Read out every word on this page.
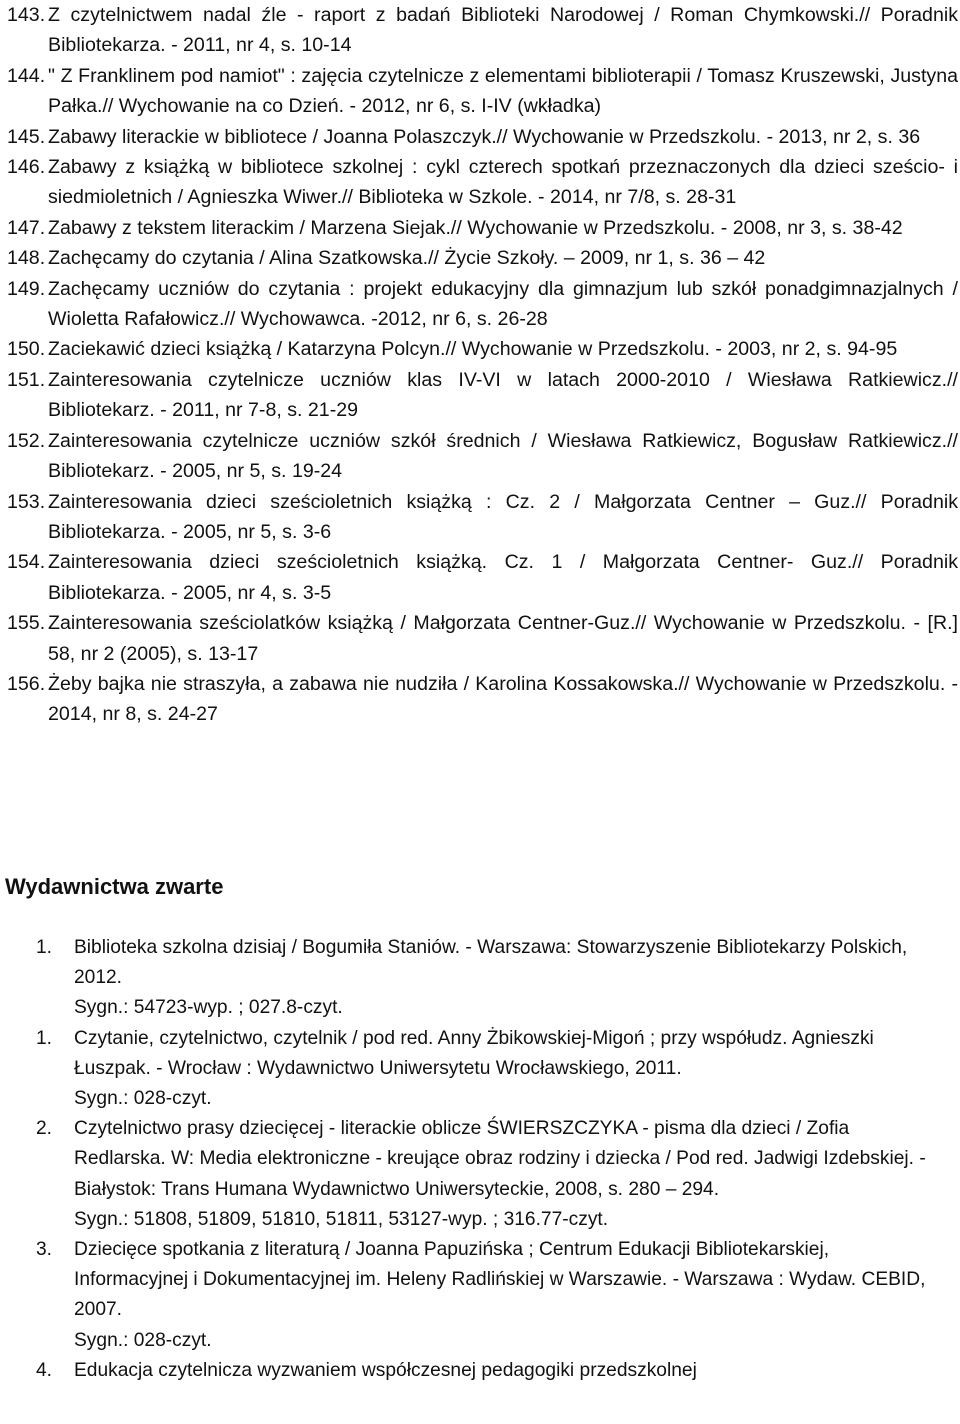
143. Z czytelnictwem nadal źle - raport z badań Biblioteki Narodowej / Roman Chymkowski.// Poradnik Bibliotekarza. - 2011, nr 4, s. 10-14
144. " Z Franklinem pod namiot" : zajęcia czytelnicze z elementami biblioterapii / Tomasz Kruszewski, Justyna Pałka.// Wychowanie na co Dzień. - 2012, nr 6, s. I-IV (wkładka)
145. Zabawy literackie w bibliotece / Joanna Polaszczyk.// Wychowanie w Przedszkolu. - 2013, nr 2, s. 36
146. Zabawy z książką w bibliotece szkolnej : cykl czterech spotkań przeznaczonych dla dzieci sześcio- i siedmioletnich / Agnieszka Wiwer.// Biblioteka w Szkole. - 2014, nr 7/8, s. 28-31
147. Zabawy z tekstem literackim / Marzena Siejak.// Wychowanie w Przedszkolu. - 2008, nr 3, s. 38-42
148. Zachęcamy do czytania / Alina Szatkowska.// Życie Szkoły. – 2009, nr 1, s. 36 – 42
149. Zachęcamy uczniów do czytania : projekt edukacyjny dla gimnazjum lub szkół ponadgimnazjalnych / Wioletta Rafałowicz.// Wychowawca. -2012, nr 6, s. 26-28
150. Zaciekawić dzieci książką / Katarzyna Polcyn.// Wychowanie w Przedszkolu. - 2003, nr 2, s. 94-95
151. Zainteresowania czytelnicze uczniów klas IV-VI w latach 2000-2010 / Wiesława Ratkiewicz.// Bibliotekarz. - 2011, nr 7-8, s. 21-29
152. Zainteresowania czytelnicze uczniów szkół średnich / Wiesława Ratkiewicz, Bogusław Ratkiewicz.// Bibliotekarz. - 2005, nr 5, s. 19-24
153. Zainteresowania dzieci sześcioletnich książką : Cz. 2 / Małgorzata Centner – Guz.// Poradnik Bibliotekarza. - 2005, nr 5, s. 3-6
154. Zainteresowania dzieci sześcioletnich książką. Cz. 1 / Małgorzata Centner- Guz.// Poradnik Bibliotekarza. - 2005, nr 4, s. 3-5
155. Zainteresowania sześciolatków książką / Małgorzata Centner-Guz.// Wychowanie w Przedszkolu. - [R.] 58, nr 2 (2005), s. 13-17
156. Żeby bajka nie straszyła, a zabawa nie nudziła / Karolina Kossakowska.// Wychowanie w Przedszkolu. - 2014, nr 8, s. 24-27
Wydawnictwa zwarte
1. Biblioteka szkolna dzisiaj / Bogumiła Staniów. - Warszawa: Stowarzyszenie Bibliotekarzy Polskich, 2012.
Sygn.: 54723-wyp. ; 027.8-czyt.
1. Czytanie, czytelnictwo, czytelnik / pod red. Anny Żbikowskiej-Migoń ; przy współudz. Agnieszki Łuszpak. - Wrocław : Wydawnictwo Uniwersytetu Wrocławskiego, 2011.
Sygn.: 028-czyt.
2. Czytelnictwo prasy dziecięcej - literackie oblicze ŚWIERSZCZYKA - pisma dla dzieci / Zofia Redlarska. W: Media elektroniczne - kreujące obraz rodziny i dziecka / Pod red. Jadwigi Izdebskiej. - Białystok: Trans Humana Wydawnictwo Uniwersyteckie, 2008, s. 280 – 294.
Sygn.: 51808, 51809, 51810, 51811, 53127-wyp. ; 316.77-czyt.
3. Dziecięce spotkania z literaturą / Joanna Papuzińska ; Centrum Edukacji Bibliotekarskiej, Informacyjnej i Dokumentacyjnej im. Heleny Radlińskiej w Warszawie. - Warszawa : Wydaw. CEBID, 2007.
Sygn.: 028-czyt.
4. Edukacja czytelnicza wyzwaniem współczesnej pedagogiki przedszkolnej
